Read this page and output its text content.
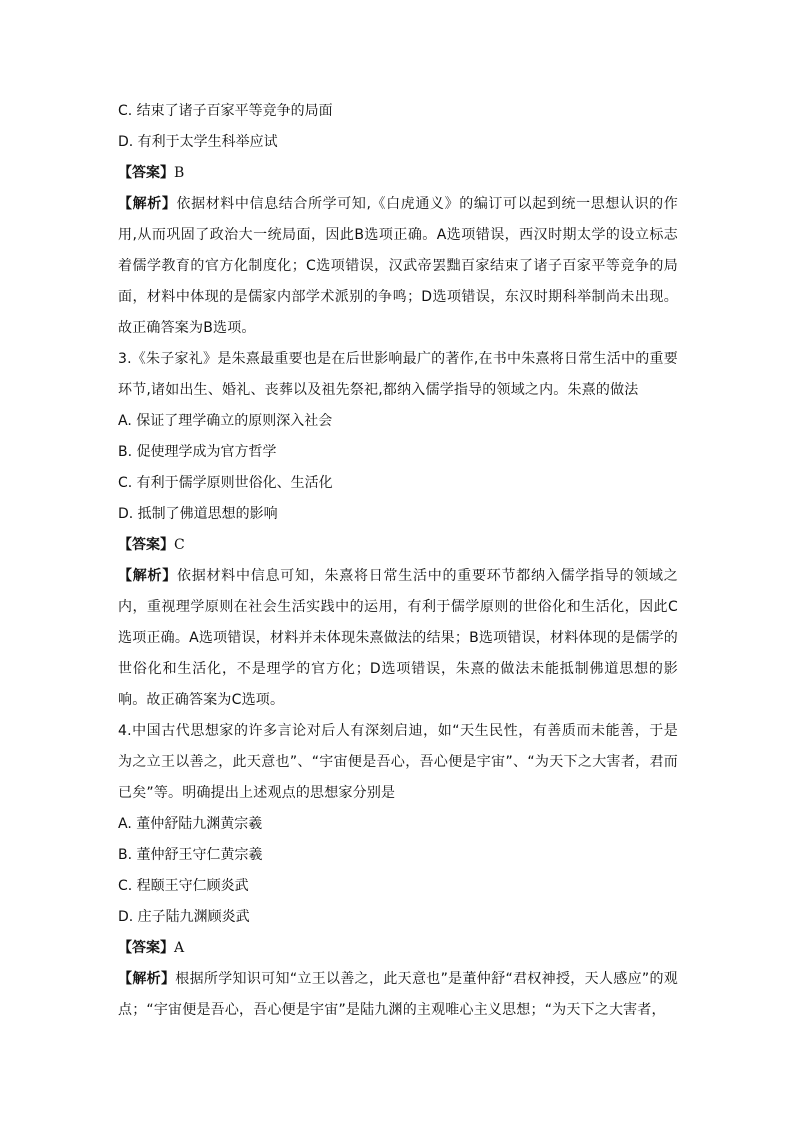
C. 结束了诸子百家平等竞争的局面
D. 有利于太学生科举应试
【答案】B
【解析】依据材料中信息结合所学可知,《白虎通义》的编订可以起到统一思想认识的作用,从而巩固了政治大一统局面，因此B选项正确。A选项错误，西汉时期太学的设立标志着儒学教育的官方化制度化；C选项错误，汉武帝罢黜百家结束了诸子百家平等竞争的局面，材料中体现的是儒家内部学术派别的争鸣；D选项错误，东汉时期科举制尚未出现。故正确答案为B选项。
3.《朱子家礼》是朱熹最重要也是在后世影响最广的著作,在书中朱熹将日常生活中的重要环节,诸如出生、婚礼、丧葬以及祖先祭祀,都纳入儒学指导的领域之内。朱熹的做法
A. 保证了理学确立的原则深入社会
B. 促使理学成为官方哲学
C. 有利于儒学原则世俗化、生活化
D. 抵制了佛道思想的影响
【答案】C
【解析】依据材料中信息可知，朱熹将日常生活中的重要环节都纳入儒学指导的领域之内，重视理学原则在社会生活实践中的运用，有利于儒学原则的世俗化和生活化，因此C选项正确。A选项错误，材料并未体现朱熹做法的结果；B选项错误，材料体现的是儒学的世俗化和生活化，不是理学的官方化；D选项错误，朱熹的做法未能抵制佛道思想的影响。故正确答案为C选项。
4.中国古代思想家的许多言论对后人有深刻启迪，如“天生民性，有善质而未能善，于是为之立王以善之，此天意也”、“宇宙便是吾心，吾心便是宇宙”、“为天下之大害者，君而已矣”等。明确提出上述观点的思想家分别是
A. 董仲舒陆九渊黄宗羲
B. 董仲舒王守仁黄宗羲
C. 程颐王守仁顾炎武
D. 庄子陆九渊顾炎武
【答案】A
【解析】根据所学知识可知“立王以善之，此天意也”是董仲舒“君权神授，天人感应”的观点；“宇宙便是吾心，吾心便是宇宙”是陆九渊的主观唯心主义思想；“为天下之大害者，
